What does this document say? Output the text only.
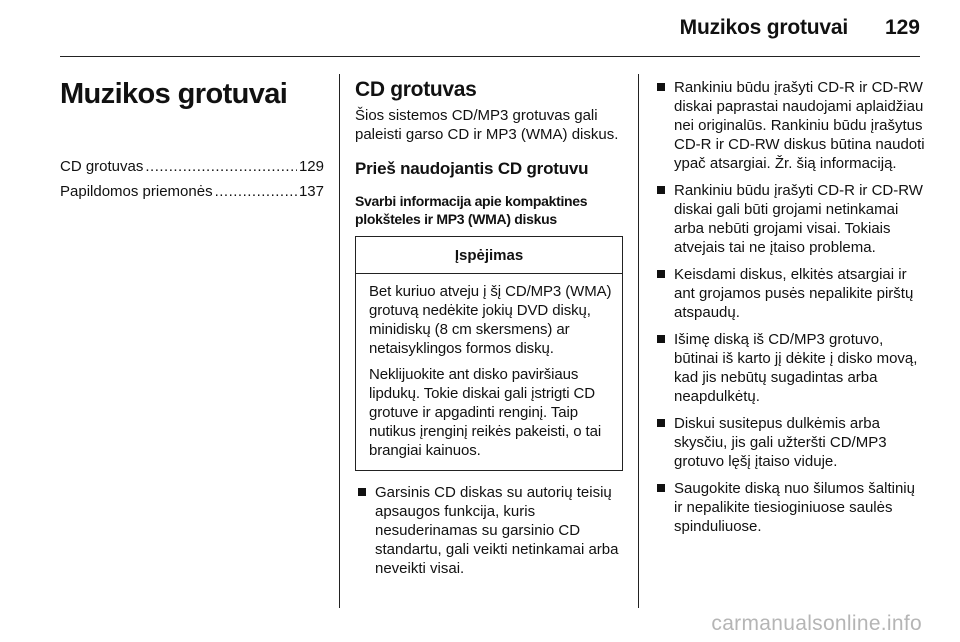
Muzikos grotuvai 129
Muzikos grotuvai
CD grotuvas .....	129
Papildomos priemonės .....	137
CD grotuvas

Šios sistemos CD/MP3 grotuvas gali paleisti garso CD ir MP3 (WMA) diskus.

Prieš naudojantis CD grotuvu

Svarbi informacija apie kompaktines plokšteles ir MP3 (WMA) diskus

Įspėjimas

Bet kuriuo atveju į šį CD/MP3 (WMA) grotuvą nedėkite jokių DVD diskų, minidiskų (8 cm skersmens) ar netaisyklingos formos diskų.

Neklijuokite ant disko paviršiaus lipdukų. Tokie diskai gali įstrigti CD grotuve ir apgadinti renginį. Taip nutikus įrenginį reikės pakeisti, o tai brangiai kainuos.

Garsinis CD diskas su autorių teisių apsaugos funkcija, kuris nesuderinamas su garsinio CD standartu, gali veikti netinkamai arba neveikti visai.
Rankiniu būdu įrašyti CD-R ir CD-RW diskai paprastai naudojami aplaidžiau nei originalūs. Rankiniu būdu įrašytus CD-R ir CD-RW diskus būtina naudoti ypač atsargiai. Žr. šią informaciją.
Rankiniu būdu įrašyti CD-R ir CD-RW diskai gali būti grojami netinkamai arba nebūti grojami visai. Tokiais atvejais tai ne įtaiso problema.
Keisdami diskus, elkitės atsargiai ir ant grojamos pusės nepalikite pirštų atspaudų.
Išimę diską iš CD/MP3 grotuvo, būtinai iš karto jį dėkite į disko movą, kad jis nebūtų sugadintas arba neapdulkėtų.
Diskui susitepus dulkėmis arba skysčiu, jis gali užteršti CD/MP3 grotuvo lęšį įtaiso viduje.
Saugokite diską nuo šilumos šaltinių ir nepalikite tiesioginiuose saulės spinduliuose.
carmanualsonline.info
